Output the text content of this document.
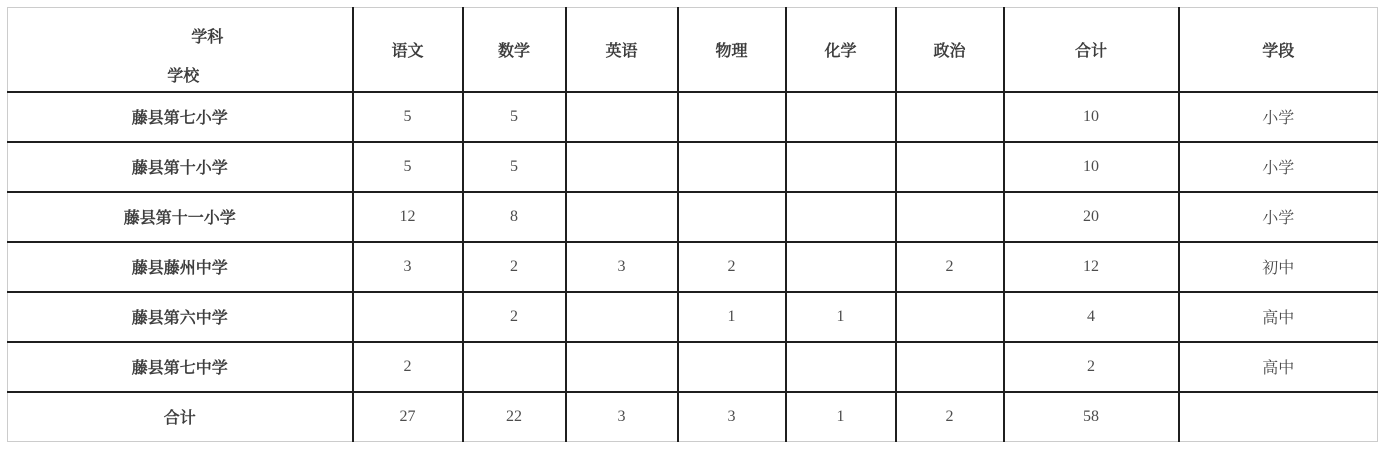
学科
学校	语文	数学	英语	物理	化学	政治	合计	学段
藤县第七小学	5	5					10	小学
藤县第十小学	5	5					10	小学
藤县第十一小学	12	8					20	小学
藤县藤州中学	3	2	3	2		2	12	初中
藤县第六中学		2		1	1		4	高中
藤县第七中学	2						2	高中
合计	27	22	3	3	1	2	58	
